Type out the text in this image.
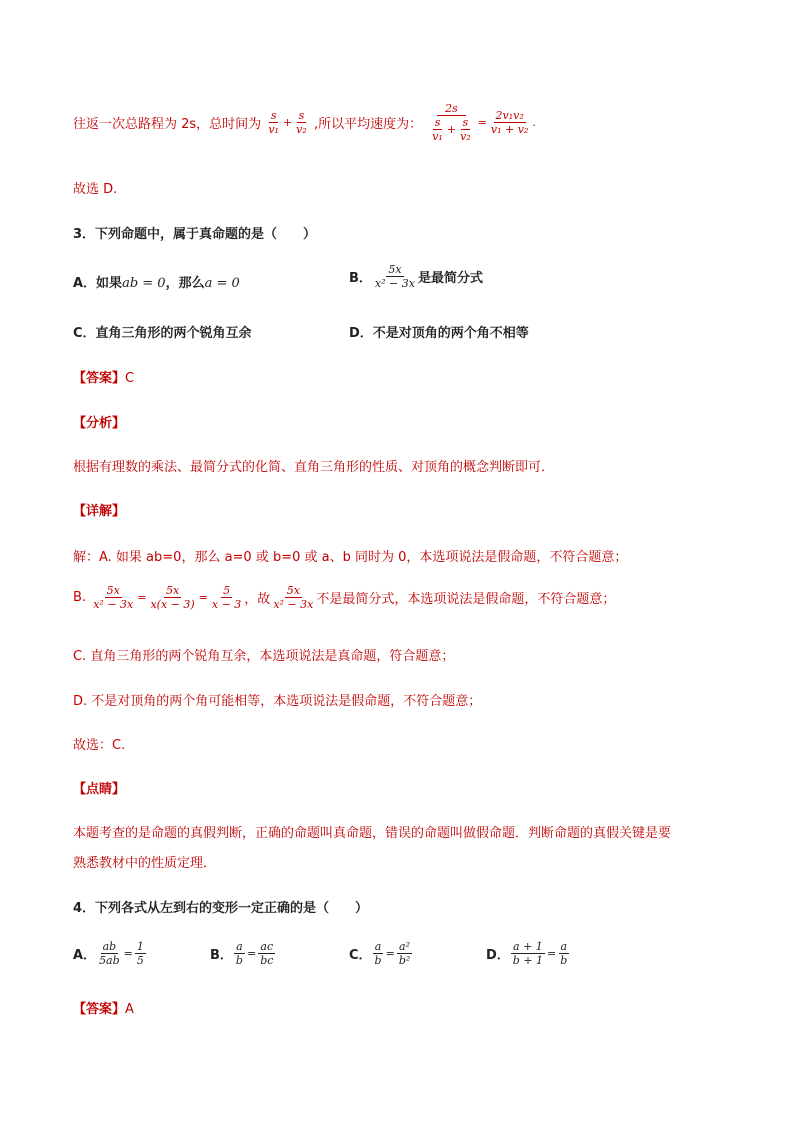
往返一次总路程为 2s，总时间为 $\frac{s}{\text{v₁}} + \frac{s}{\text{v₂}}$ ,所以平均速度为： $\frac{2s}{\frac{s}{\text{v₁}} + \frac{s}{\text{v₂}}} = \frac{\text{2v₁v₂}}{\text{v₁ + v₂}}$ .
故选 D.
3．下列命题中，属于真命题的是（　　）
A．如果ab = 0，那么a = 0	B． $\frac{5x}{\text{x² − 3x}}$ 是最简分式
C．直角三角形的两个锐角互余	D．不是对顶角的两个角不相等
【答案】C
【分析】
根据有理数的乘法、最简分式的化简、直角三角形的性质、对顶角的概念判断即可．
【详解】
解：A. 如果 ab=0，那么 a=0 或 b=0 或 a、b 同时为 0，本选项说法是假命题，不符合题意；
B. $\frac{5x}{\text{x² − 3x}} = \frac{5x}{x(x - 3)} = \frac{5}{x - 3}$ ，故 $\frac{5x}{\text{x² − 3x}}$ 不是最简分式，本选项说法是假命题，不符合题意；
C. 直角三角形的两个锐角互余，本选项说法是真命题，符合题意；
D. 不是对顶角的两个角可能相等，本选项说法是假命题，不符合题意；
故选：C.
【点睛】
本题考查的是命题的真假判断，正确的命题叫真命题，错误的命题叫做假命题．判断命题的真假关键是要
熟悉教材中的性质定理．
4．下列各式从左到右的变形一定正确的是（　　）
A． $\frac{ab}{5ab} = \frac{1}{5}$	B． $\frac{a}{b} = \frac{ac}{bc}$	C． $\frac{a}{b} = \frac{\text{a²}}{\text{b²}}$	D． $\frac{a + 1}{b + 1} = \frac{a}{b}$
【答案】A
